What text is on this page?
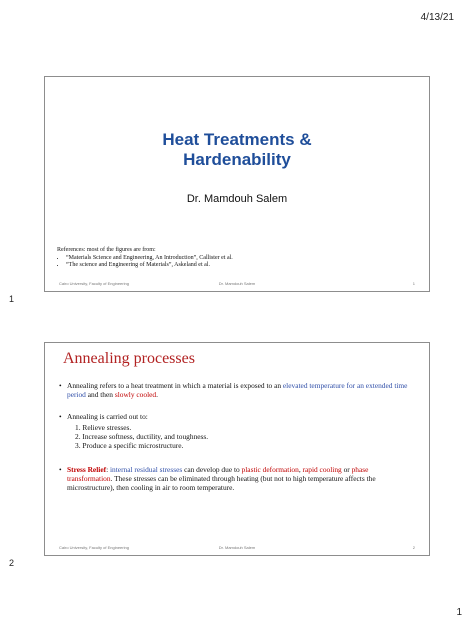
4/13/21
Heat Treatments &
Hardenability
Dr. Mamdouh Salem
References: most of the figures are from:
• “Materials Science and Engineering, An Introduction”, Callister et al.
• “The science and Engineering of Materials”, Askeland et al.
Cairo University, Faculty of Engineering	Dr. Mamdouh Salem	1
1
Annealing processes
• Annealing refers to a heat treatment in which a material is exposed to an elevated temperature for an extended time period and then slowly cooled.
• Annealing is carried out to:
1. Relieve stresses.
2. Increase softness, ductility, and toughness.
3. Produce a specific microstructure.
• Stress Relief: internal residual stresses can develop due to plastic deformation, rapid cooling or phase transformation. These stresses can be eliminated through heating (but not to high temperature affects the microstructure), then cooling in air to room temperature.
Cairo University, Faculty of Engineering	Dr. Mamdouh Salem	2
2
1
